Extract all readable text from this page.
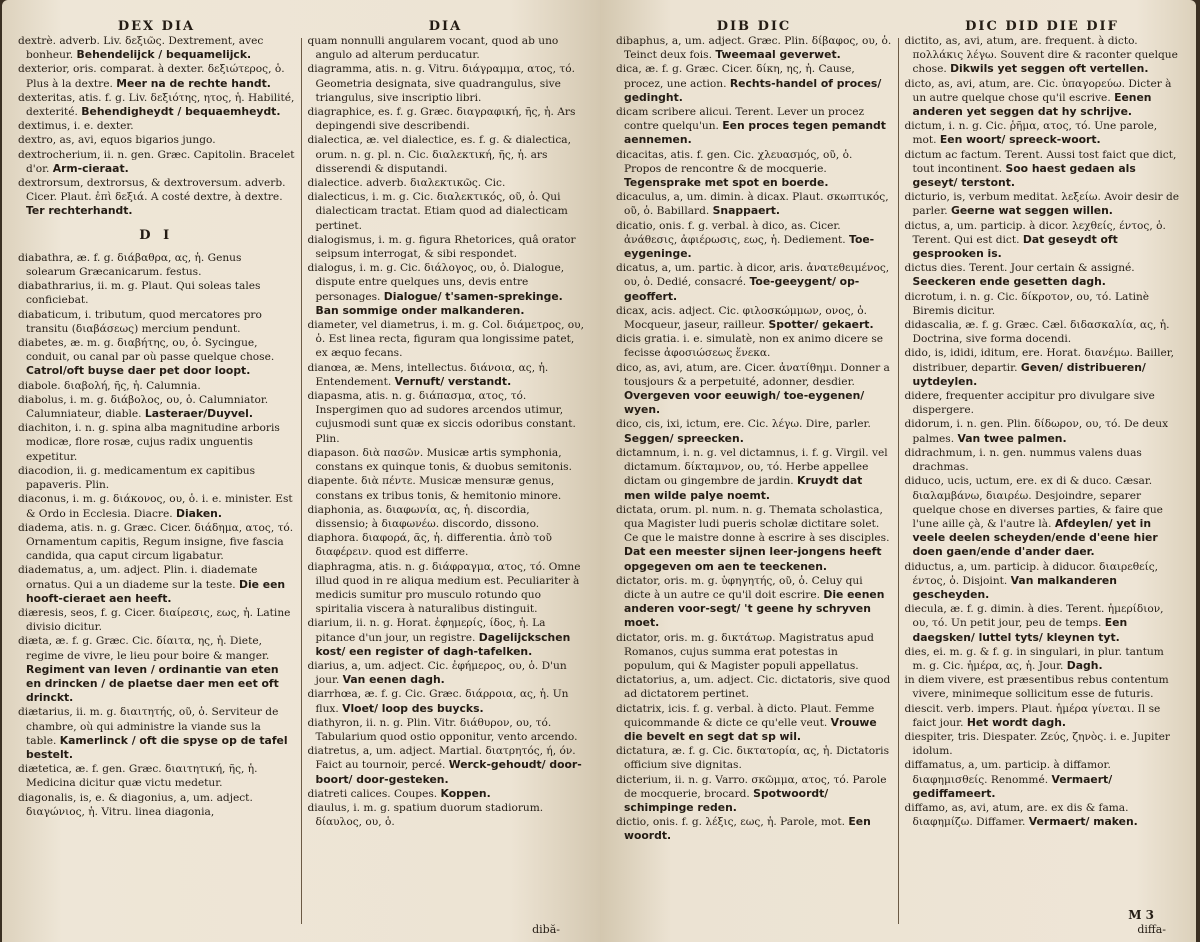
DEX DIA	DIA

dextrè. adverb. Liv. δεξιῶς. Dextrement, avec bonheur. Behendelijck / bequamelijck.

dexterior, oris. comparat. à dexter. δεξιώτερος, ὁ. Plus à la dextre. Meer na de rechte handt.

dexteritas, atis. f. g. Liv. δεξιότης, ητος, ἡ. Habilité, dexterité. Behendigheydt / bequaemheydt.

dextimus, i. e. dexter.

dextro, as, avi, equos bigarios jungo.

dextrocherium, ii. n. gen. Græc. Capitolin. Bracelet d'or. Arm-cieraat.

dextrorsum, dextrorsus, & dextroversum. adverb. Cicer. Plaut. ἐπὶ δεξιά. A costé dextre, à dextre. Ter rechterhandt.

D I

diabathra, æ. f. g. διάβαθρα, ας, ἡ. Genus solearum Græcanicarum. festus.

diabathrarius, ii. m. g. Plaut. Qui soleas tales conficiebat.

diabaticum, i. tributum, quod mercatores pro transitu (διαβάσεως) mercium pendunt.

diabetes, æ. m. g. διαβήτης, ου, ὁ. Sycingue, conduit, ou canal par où passe quelque chose. Catrol/oft buyse daer pet door loopt.

diabole. διαβολή, ῆς, ἡ. Calumnia.

diabolus, i. m. g. διάβολος, ου, ὁ. Calumniator. Calumniateur, diable. Lasteraer/Duyvel.

diachiton, i. n. g. spina alba magnitudine arboris modicæ, flore rosæ, cujus radix unguentis expetitur.

diacodion, ii. g. medicamentum ex capitibus papaveris. Plin.

diaconus, i. m. g. διάκονος, ου, ὁ. i. e. minister. Est & Ordo in Ecclesia. Diacre. Diaken.

diadema, atis. n. g. Græc. Cicer. διάδημα, ατος, τό. Ornamentum capitis, Regum insigne, five fascia candida, qua caput circum ligabatur.

diadematus, a, um. adject. Plin. i. diademate ornatus. Qui a un diademe sur la teste. Die een hooft-cieraet aen heeft.

diæresis, seos, f. g. Cicer. διαίρεσις, εως, ἡ. Latine divisio dicitur.

diæta, æ. f. g. Græc. Cic. δίαιτα, ης, ἡ. Diete, regime de vivre, le lieu pour boire & manger. Regiment van leven / ordinantie van eten en drincken / de plaetse daer men eet oft drinckt.

diætarius, ii. m. g. διαιτητής, οῦ, ὁ. Serviteur de chambre, où qui administre la viande sus la table. Kamerlinck / oft die spyse op de tafel bestelt.

diætetica, æ. f. gen. Græc. διαιτητική, ῆς, ἡ. Medicina dicitur quæ victu medetur.

diagonalis, is, e. & diagonius, a, um. adject. διαγώνιος, ἡ. Vitru. linea diagonia,

quam nonnulli angularem vocant, quod ab uno angulo ad alterum perducatur.

diagramma, atis. n. g. Vitru. διάγραμμα, ατος, τό. Geometria designata, sive quadrangulus, sive triangulus, sive inscriptio libri.

diagraphice, es. f. g. Græc. διαγραφική, ῆς, ἡ. Ars depingendi sive describendi.

dialectica, æ. vel dialectice, es. f. g. & dialectica, orum. n. g. pl. n. Cic. διαλεκτική, ῆς, ἡ. ars disserendi & disputandi.

dialectice. adverb. διαλεκτικῶς. Cic.

dialecticus, i. m. g. Cic. διαλεκτικός, οῦ, ὁ. Qui dialecticam tractat. Etiam quod ad dialecticam pertinet.

dialogismus, i. m. g. figura Rhetorices, quâ orator seipsum interrogat, & sibi respondet.

dialogus, i. m. g. Cic. διάλογος, ου, ὁ. Dialogue, dispute entre quelques uns, devis entre personages. Dialogue/ t'samen-sprekinge. Ban sommige onder malkanderen.

diameter, vel diametrus, i. m. g. Col. διάμετρος, ου, ὁ. Est linea recta, figuram qua longissime patet, ex æquo fecans.

dianœa, æ. Mens, intellectus. διάνοια, ας, ἡ. Entendement. Vernuft/ verstandt.

diapasma, atis. n. g. διάπασμα, ατος, τό. Inspergimen quo ad sudores arcendos utimur, cujusmodi sunt quæ ex siccis odoribus constant. Plin.

diapason. διὰ πασῶν. Musicæ artis symphonia, constans ex quinque tonis, & duobus semitonis.

diapente. διὰ πέντε. Musicæ mensuræ genus, constans ex tribus tonis, & hemitonio minore.

diaphonia, as. διαφωνία, ας, ἡ. discordia, dissensio; à διαφωνέω. discordo, dissono.

diaphora. διαφορά, ᾶς, ἡ. differentia. ἀπὸ τοῦ διαφέρειν. quod est differre.

diaphragma, atis. n. g. διάφραγμα, ατος, τό. Omne illud quod in re aliqua medium est. Peculiariter à medicis sumitur pro musculo rotundo quo spiritalia viscera à naturalibus distinguit.

diarium, ii. n. g. Horat. ἐφημερίς, ίδος, ἡ. La pitance d'un jour, un registre. Dagelijckschen kost/ een register of dagh-tafelken.

diarius, a, um. adject. Cic. ἐφήμερος, ου, ὁ. D'un jour. Van eenen dagh.

diarrhœa, æ. f. g. Cic. Græc. διάρροια, ας, ἡ. Un flux. Vloet/ loop des buycks.

diathyron, ii. n. g. Plin. Vitr. διάθυρον, ου, τό. Tabularium quod ostio opponitur, vento arcendo.

diatretus, a, um. adject. Martial. διατρητός, ή, όν. Faict au tournoir, percé. Werck-gehoudt/ door-boort/ door-gesteken.

diatreti calices. Coupes. Koppen.

diaulus, i. m. g. spatium duorum stadiorum. δίαυλος, ου, ὁ.

dibă-
DIB DIC	DIC DID DIE DIF

dibaphus, a, um. adject. Græc. Plin. δίβαφος, ου, ὁ. Teinct deux fois. Tweemaal geverwet.

dica, æ. f. g. Græc. Cicer. δίκη, ης, ἡ. Cause, procez, une action. Rechts-handel of proces/ gedinght.

dicam scribere alicui. Terent. Lever un procez contre quelqu'un. Een proces tegen pemandt aennemen.

dicacitas, atis. f. gen. Cic. χλευασμός, οῦ, ὁ. Propos de rencontre & de mocquerie. Tegensprake met spot en boerde.

dicaculus, a, um. dimin. à dicax. Plaut. σκωπτικός, οῦ, ὁ. Babillard. Snappaert.

dicatio, onis. f. g. verbal. à dico, as. Cicer. ἀνάθεσις, ἀφιέρωσις, εως, ἡ. Dediement. Toe-eygeninge.

dicatus, a, um. partic. à dicor, aris. ἀνατεθειμένος, ου, ὁ. Dedié, consacré. Toe-geeygent/ op-geoffert.

dicax, acis. adject. Cic. φιλοσκώμμων, ονος, ὁ. Mocqueur, jaseur, railleur. Spotter/ gekaert.

dicis gratia. i. e. simulatè, non ex animo dicere se fecisse ἀφοσιώσεως ἕνεκα.

dico, as, avi, atum, are. Cicer. ἀνατίθημι. Donner a tousjours & a perpetuité, adonner, desdier. Overgeven voor eeuwigh/ toe-eygenen/ wyen.

dico, cis, ixi, ictum, ere. Cic. λέγω. Dire, parler. Seggen/ spreecken.

dictamnum, i. n. g. vel dictamnus, i. f. g. Virgil. vel dictamum. δίκταμνον, ου, τό. Herbe appellee dictam ou gingembre de jardin. Kruydt dat men wilde palye noemt.

dictata, orum. pl. num. n. g. Themata scholastica, qua Magister ludi pueris scholæ dictitare solet. Ce que le maistre donne à escrire à ses disciples. Dat een meester sijnen leer-jongens heeft opgegeven om aen te teeckenen.

dictator, oris. m. g. ὑφηγητής, οῦ, ὁ. Celuy qui dicte à un autre ce qu'il doit escrire. Die eenen anderen voor-segt/ 't geene hy schryven moet.

dictator, oris. m. g. δικτάτωρ. Magistratus apud Romanos, cujus summa erat potestas in populum, qui & Magister populi appellatus.

dictatorius, a, um. adject. Cic. dictatoris, sive quod ad dictatorem pertinet.

dictatrix, icis. f. g. verbal. à dicto. Plaut. Femme quicommande & dicte ce qu'elle veut. Vrouwe die bevelt en segt dat sp wil.

dictatura, æ. f. g. Cic. δικτατορία, ας, ἡ. Dictatoris officium sive dignitas.

dicterium, ii. n. g. Varro. σκῶμμα, ατος, τό. Parole de mocquerie, brocard. Spotwoordt/ schimpinge reden.

dictio, onis. f. g. λέξις, εως, ἡ. Parole, mot. Een woordt.

dictito, as, avi, atum, are. frequent. à dicto. πολλάκις λέγω. Souvent dire & raconter quelque chose. Dikwils yet seggen oft vertellen.

dicto, as, avi, atum, are. Cic. ὑπαγορεύω. Dicter à un autre quelque chose qu'il escrive. Eenen anderen yet seggen dat hy schrijve.

dictum, i. n. g. Cic. ῥῆμα, ατος, τό. Une parole, mot. Een woort/ spreeck-woort.

dictum ac factum. Terent. Aussi tost faict que dict, tout incontinent. Soo haest gedaen als geseyt/ terstont.

dicturio, is, verbum meditat. λεξείω. Avoir desir de parler. Geerne wat seggen willen.

dictus, a, um. particip. à dicor. λεχθείς, έντος, ὁ. Terent. Qui est dict. Dat geseydt oft gesprooken is.

dictus dies. Terent. Jour certain & assigné. Seeckeren ende gesetten dagh.

dicrotum, i. n. g. Cic. δίκροτον, ου, τό. Latinè Biremis dicitur.

didascalia, æ. f. g. Græc. Cæl. διδασκαλία, ας, ἡ. Doctrina, sive forma docendi.

dido, is, ididi, iditum, ere. Horat. διανέμω. Bailler, distribuer, departir. Geven/ distribueren/ uytdeylen.

didere, frequenter accipitur pro divulgare sive dispergere.

didorum, i. n. gen. Plin. δίδωρον, ου, τό. De deux palmes. Van twee palmen.

didrachmum, i. n. gen. nummus valens duas drachmas.

diduco, ucis, uctum, ere. ex di & duco. Cæsar. διαλαμβάνω, διαιρέω. Desjoindre, separer quelque chose en diverses parties, & faire que l'une aille çà, & l'autre là. Afdeylen/ yet in veele deelen scheyden/ende d'eene hier doen gaen/ende d'ander daer.

diductus, a, um. particip. à diducor. διαιρεθείς, έντος, ὁ. Disjoint. Van malkanderen gescheyden.

diecula, æ. f. g. dimin. à dies. Terent. ἡμερίδιον, ου, τό. Un petit jour, peu de temps. Een daegsken/ luttel tyts/ kleynen tyt.

dies, ei. m. g. & f. g. in singulari, in plur. tantum m. g. Cic. ἡμέρα, ας, ἡ. Jour. Dagh.

in diem vivere, est præsentibus rebus contentum vivere, minimeque sollicitum esse de futuris.

diescit. verb. impers. Plaut. ἡμέρα γίνεται. Il se faict jour. Het wordt dagh.

diespiter, tris. Diespater. Ζεύς, ζηνὸς. i. e. Jupiter idolum.

diffamatus, a, um. particip. à diffamor. διαφημισθείς. Renommé. Vermaert/ gediffameert.

diffamo, as, avi, atum, are. ex dis & fama. διαφημίζω. Diffamer. Vermaert/ maken.

M 3
diffa-
